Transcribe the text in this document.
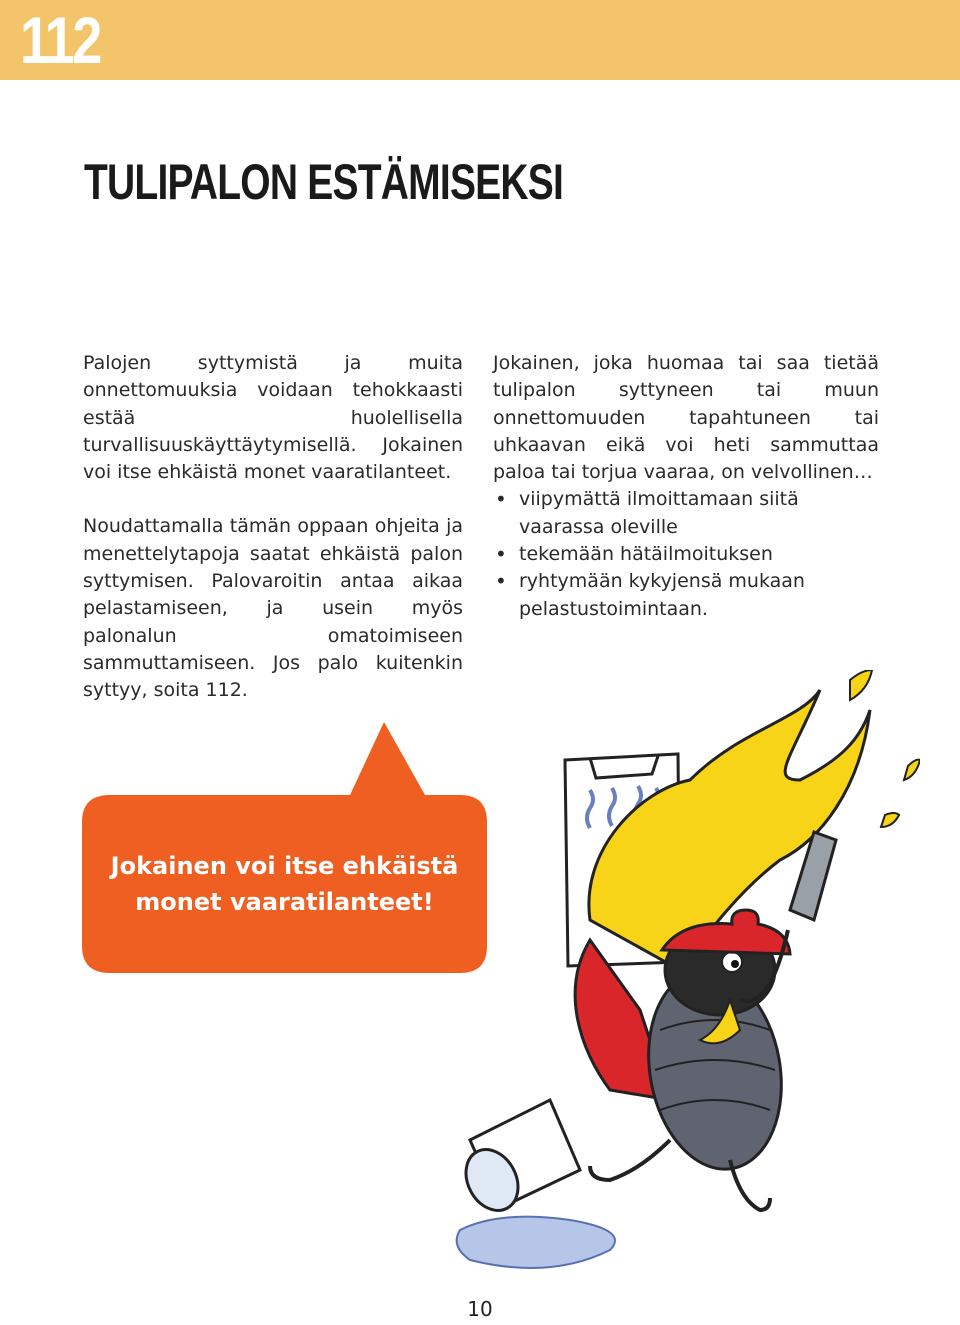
112
TULIPALON ESTÄMISEKSI

Palojen syttymistä ja muita onnettomuuksia voidaan tehokkaasti estää huolellisella turvallisuuskäyttäytymisellä. Jokainen voi itse ehkäistä monet vaaratilanteet.

Noudattamalla tämän oppaan ohjeita ja menettelytapoja saatat ehkäistä palon syttymisen. Palovaroitin antaa aikaa pelastamiseen, ja usein myös palonalun omatoimiseen sammuttamiseen. Jos palo kuitenkin syttyy, soita 112.

Jokainen, joka huomaa tai saa tietää tulipalon syttyneen tai muun onnettomuuden tapahtuneen tai uhkaavan eikä voi heti sammuttaa paloa tai torjua vaaraa, on velvollinen…

• viipymättä ilmoittamaan siitä vaarassa oleville
• tekemään hätäilmoituksen
• ryhtymään kykyjensä mukaan pelastustoimintaan.
Jokainen voi itse ehkäistä
monet vaaratilanteet!
10
